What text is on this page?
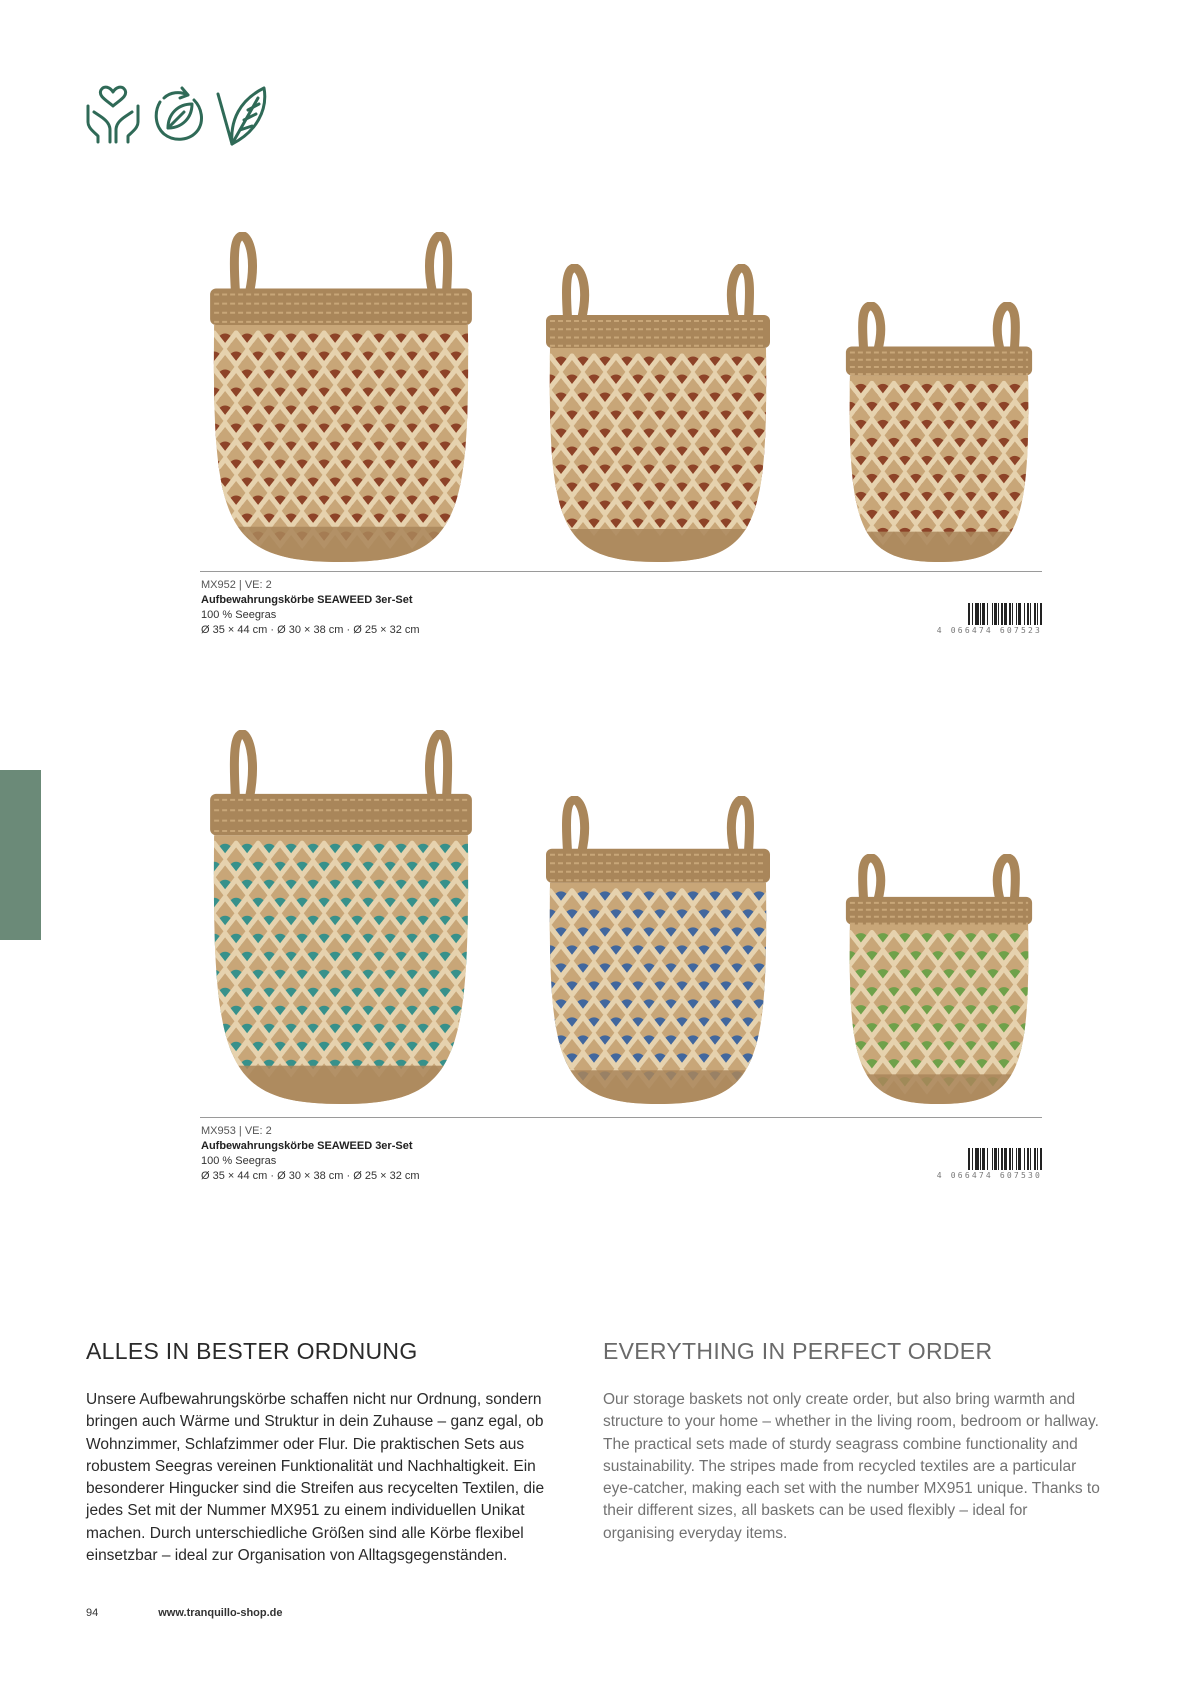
MX952 | VE: 2
Aufbewahrungskörbe SEAWEED 3er-Set
100 % Seegras
Ø 35 × 44 cm · Ø 30 × 38 cm · Ø 25 × 32 cm	4 066474 607523
MX953 | VE: 2
Aufbewahrungskörbe SEAWEED 3er-Set
100 % Seegras
Ø 35 × 44 cm · Ø 30 × 38 cm · Ø 25 × 32 cm	4 066474 607530
ALLES IN BESTER ORDNUNG	EVERYTHING IN PERFECT ORDER

Unsere Aufbewahrungskörbe schaffen nicht nur Ordnung, sondern bringen auch Wärme und Struktur in dein Zuhause – ganz egal, ob Wohnzimmer, Schlafzimmer oder Flur. Die praktischen Sets aus robustem Seegras vereinen Funktionalität und Nachhaltigkeit. Ein besonderer Hingucker sind die Streifen aus recycelten Textilen, die jedes Set mit der Nummer MX951 zu einem individuellen Unikat machen. Durch unterschiedliche Größen sind alle Körbe flexibel einsetzbar – ideal zur Organisation von Alltagsgegenständen.

Our storage baskets not only create order, but also bring warmth and structure to your home – whether in the living room, bedroom or hallway. The practical sets made of sturdy seagrass combine functionality and sustainability. The stripes made from recycled textiles are a particular eye-catcher, making each set with the number MX951 unique. Thanks to their different sizes, all baskets can be used flexibly – ideal for organising everyday items.

94	www.tranquillo-shop.de
